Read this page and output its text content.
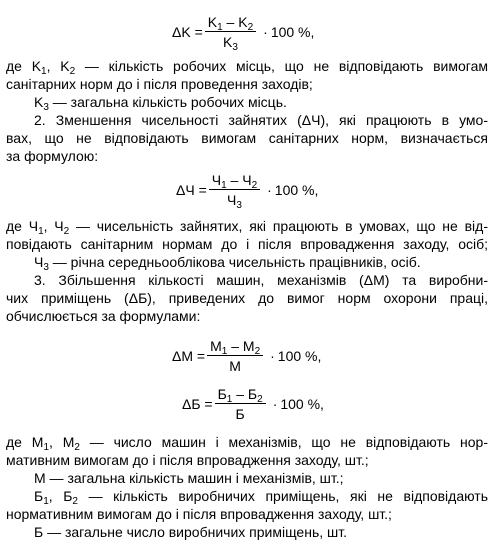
$\Delta K = \frac{K_1 - K_2}{K_3} \cdot 100$ %,
де $K_1$, $K_2$ — кількість робочих місць, що не відповідають вимогам
санітарних норм до і після проведення заходів;
$K_3$ — загальна кількість робочих місць.
2. Зменшення чисельності зайнятих (ΔЧ), які працюють в умо-
вах, що не відповідають вимогам санітарних норм, визначається
за формулою:
$\Delta Ч = \frac{Ч_1 - Ч_2}{Ч_3} \cdot 100$ %,
де $Ч_1$, $Ч_2$ — чисельність зайнятих, які працюють в умовах, що не від-
повідають санітарним нормам до і після впровадження заходу, осіб;
$Ч_3$ — річна середньооблікова чисельність працівників, осіб.
3. Збільшення кількості машин, механізмів (ΔМ) та виробни-
чих приміщень (ΔБ), приведених до вимог норм охорони праці,
обчислюється за формулами:
$\Delta М = \frac{М_1 - М_2}{М} \cdot 100$ %,
$\Delta Б = \frac{Б_1 - Б_2}{Б} \cdot 100$ %,
де $М_1$, $М_2$ — число машин і механізмів, що не відповідають нор-
мативним вимогам до і після впровадження заходу, шт.;
М — загальна кількість машин і механізмів, шт.;
$Б_1$, $Б_2$ — кількість виробничих приміщень, які не відповідають
нормативним вимогам до і після впровадження заходу, шт.;
Б — загальне число виробничих приміщень, шт.
